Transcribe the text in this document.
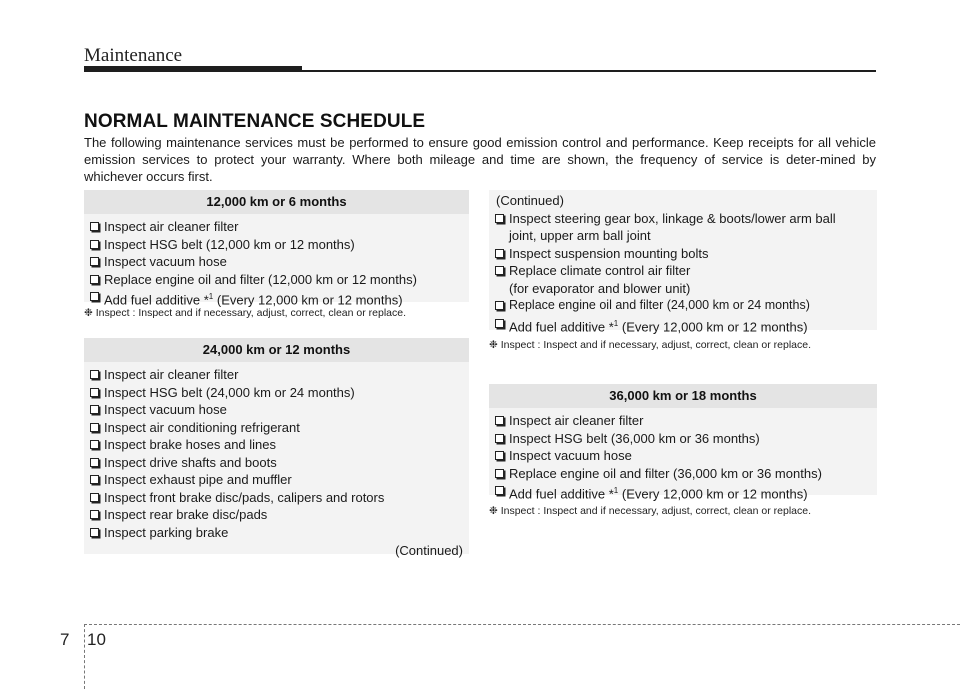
Maintenance
NORMAL MAINTENANCE SCHEDULE
The following maintenance services must be performed to ensure good emission control and performance. Keep receipts for all vehicle emission services to protect your warranty. Where both mileage and time are shown, the frequency of service is deter-mined by whichever occurs first.
12,000 km or 6 months
Inspect air cleaner filter
Inspect HSG belt (12,000 km or 12 months)
Inspect vacuum hose
Replace engine oil and filter (12,000 km or 12 months)
Add fuel additive *$^1$ (Every 12,000 km or 12 months)
❉ Inspect : Inspect and if necessary, adjust, correct, clean or replace.
24,000 km or 12 months
Inspect air cleaner filter
Inspect HSG belt (24,000 km or 24 months)
Inspect vacuum hose
Inspect air conditioning refrigerant
Inspect brake hoses and lines
Inspect drive shafts and boots
Inspect exhaust pipe and muffler
Inspect front brake disc/pads, calipers and rotors
Inspect rear brake disc/pads
Inspect parking brake
(Continued)
(Continued)
Inspect steering gear box, linkage & boots/lower arm ball
joint, upper arm ball joint
Inspect suspension mounting bolts
Replace climate control air filter
(for evaporator and blower unit)
Replace engine oil and filter (24,000 km or 24 months)
Add fuel additive *$^1$ (Every 12,000 km or 12 months)
❉ Inspect : Inspect and if necessary, adjust, correct, clean or replace.
36,000 km or 18 months
Inspect air cleaner filter
Inspect HSG belt (36,000 km or 36 months)
Inspect vacuum hose
Replace engine oil and filter (36,000 km or 36 months)
Add fuel additive *$^1$ (Every 12,000 km or 12 months)
❉ Inspect : Inspect and if necessary, adjust, correct, clean or replace.
7 10
